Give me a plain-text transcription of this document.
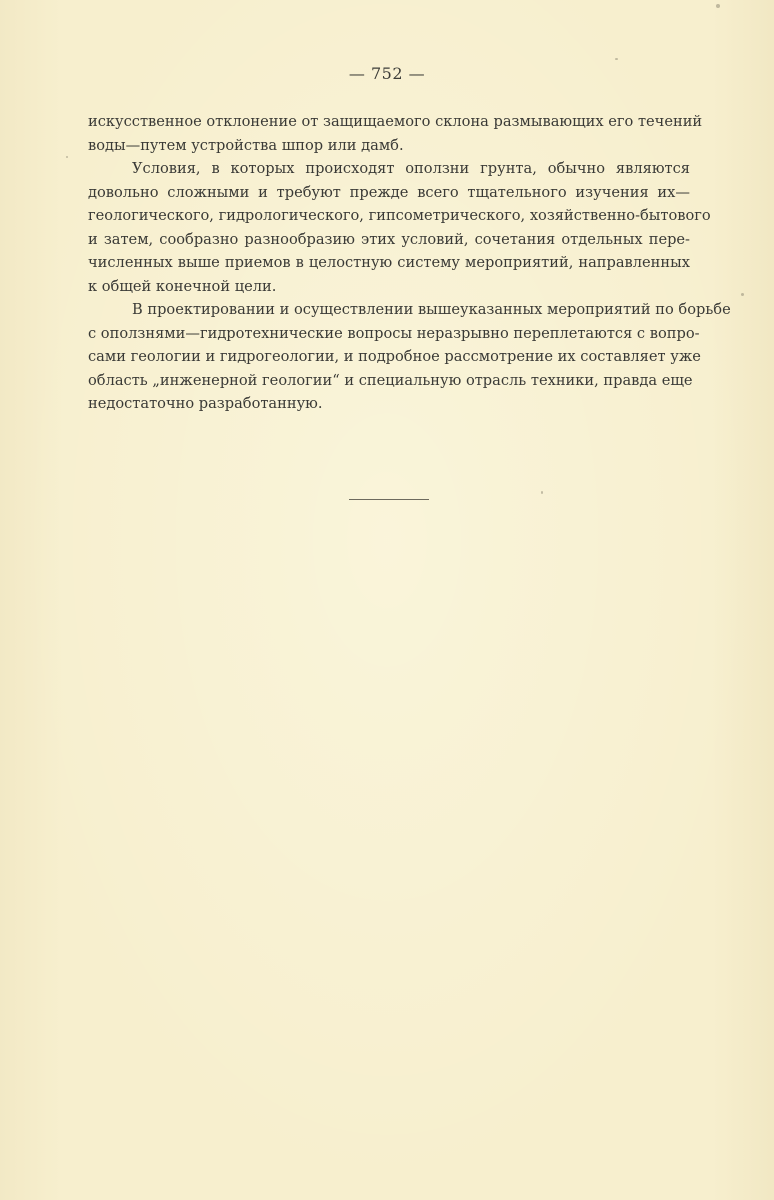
— 752 —
искусственное отклонение от защищаемого склона размывающих его течений
воды—путем устройства шпор или дамб.
Условия, в которых происходят оползни грунта, обычно являются
довольно сложными и требуют прежде всего тщательного изучения их—
геологического, гидрологического, гипсометрического, хозяйственно-бытового
и затем, сообразно разнообразию этих условий, сочетания отдельных пере-
численных выше приемов в целостную систему мероприятий, направленных
к общей конечной цели.
В проектировании и осуществлении вышеуказанных мероприятий по борьбе
с оползнями—гидротехнические вопросы неразрывно переплетаются с вопро-
сами геологии и гидрогеологии, и подробное рассмотрение их составляет уже
область „инженерной геологии“ и специальную отрасль техники, правда еще
недостаточно разработанную.
